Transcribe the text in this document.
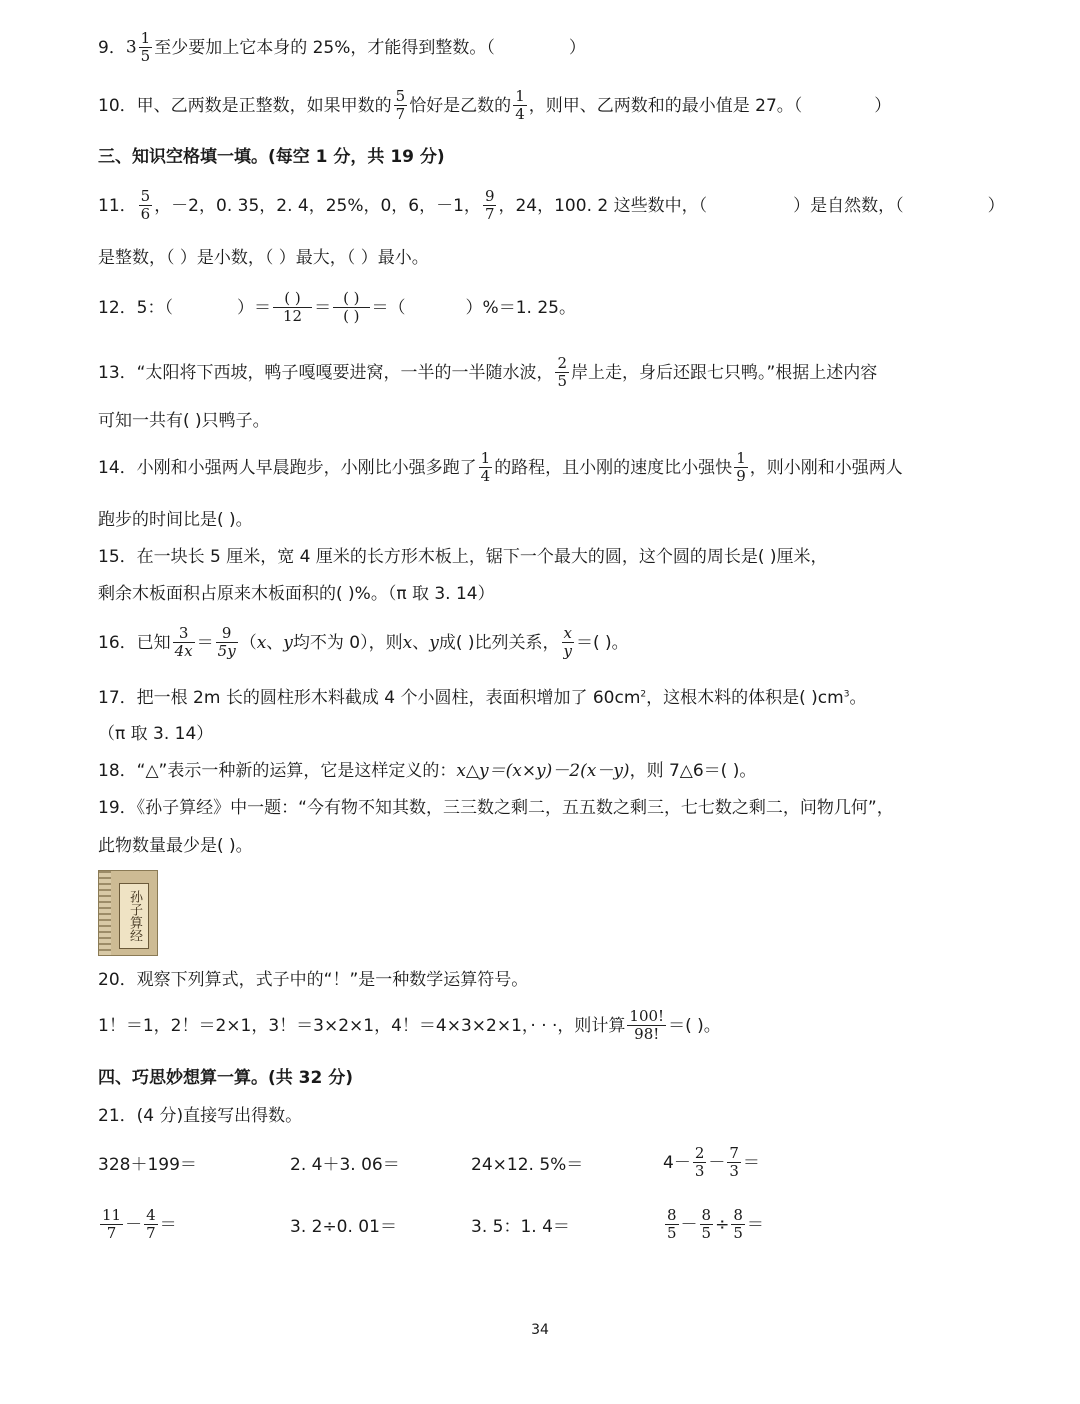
9．$3 \frac{1}{5}$ 至少要加上它本身的 25%，才能得到整数。（	）
10．甲、乙两数是正整数，如果甲数的 $\frac{5}{7}$ 恰好是乙数的 $\frac{1}{4}$ ，则甲、乙两数和的最小值是 27。（	）
三、知识空格填一填。(每空 1 分，共 19 分)
11． $\frac{5}{6}$ ，－2，0. 35，2. 4，25%，0，6，－1， $\frac{9}{7}$ ，24，100. 2 这些数中，（	）是自然数，（	）
是整数，（ ）是小数，（ ）最大，（ ）最小。
12．5：（	）＝ $\frac{( )}{12} = \frac{( )}{( )}$ ＝（	）%＝1. 25。
13．“太阳将下西坡，鸭子嘎嘎要进窝，一半的一半随水波， $\frac{2}{5}$ 岸上走，身后还跟七只鸭。”根据上述内容
可知一共有( )只鸭子。
14．小刚和小强两人早晨跑步，小刚比小强多跑了 $\frac{1}{4}$ 的路程，且小刚的速度比小强快 $\frac{1}{9}$ ，则小刚和小强两人
跑步的时间比是( )。
15．在一块长 5 厘米，宽 4 厘米的长方形木板上，锯下一个最大的圆，这个圆的周长是( )厘米，
剩余木板面积占原来木板面积的( )%。（π 取 3. 14）
16．已知 $\frac{3}{4x} = \frac{9}{5y} (x$、y均不为 0），则x、y成( )比列关系， $\frac{x}{y}$ ＝( )。
17．把一根 2m 长的圆柱形木料截成 4 个小圆柱，表面积增加了 $60cm^2$，这根木料的体积是( )$cm^3$。
（π 取 3. 14）
18．“△”表示一种新的运算，它是这样定义的：x△y＝(x×y)－2(x－y)，则 7△6＝( )。
19．《孙子算经》中一题：“今有物不知其数，三三数之剩二，五五数之剩三，七七数之剩二，问物几何”，
此物数量最少是( )。
孙子算经
20．观察下列算式，式子中的“！”是一种数学运算符号。
1！＝1，2！＝2×1，3！＝3×2×1，4！＝4×3×2×1，· · ·，则计算 $\frac{100!}{98!}$ ＝( )。
四、巧思妙想算一算。(共 32 分)
21．(4 分)直接写出得数。
328＋199＝	2. 4＋3. 06＝	24×12. 5%＝	$4- \frac{2}{3} - \frac{7}{3}$ ＝
$\frac{11}{7} - \frac{4}{7}$ ＝	3. 2÷0. 01＝	3. 5：1. 4＝	$\frac{8}{5} - \frac{8}{5} \div \frac{8}{5}$ ＝
34
